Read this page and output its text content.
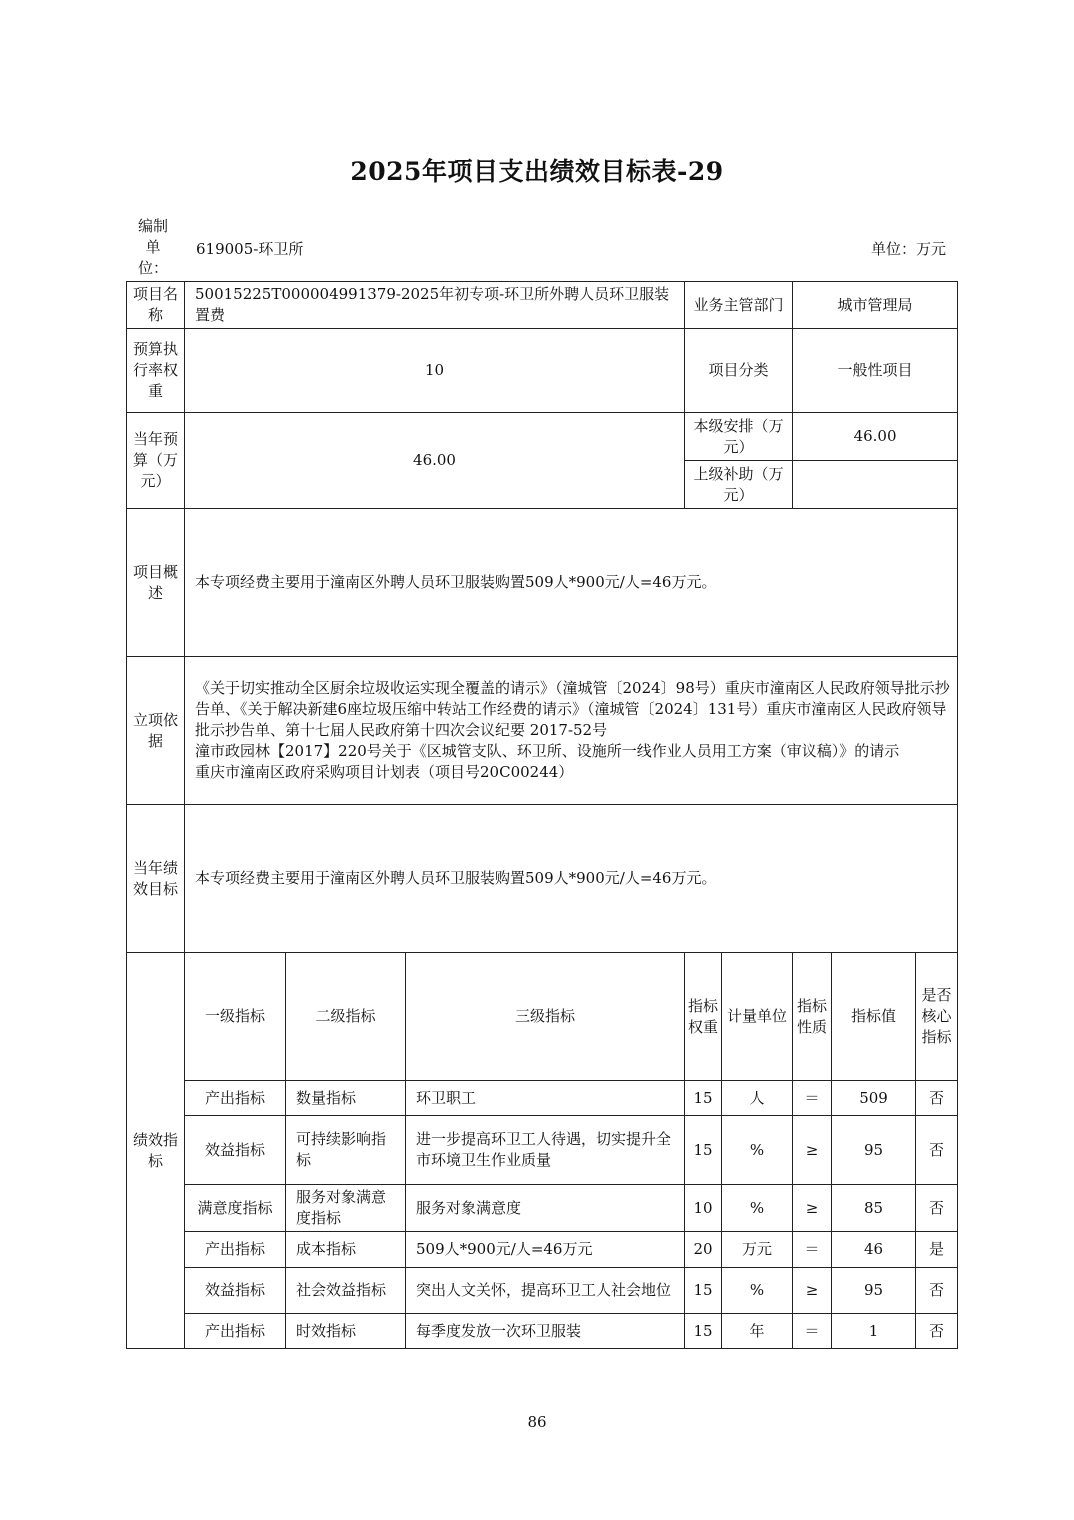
2025年项目支出绩效目标表-29
编制单位：
619005-环卫所	单位：万元
项目名称	50015225T000004991379-2025年初专项-环卫所外聘人员环卫服装置费			业务主管部门		城市管理局		
预算执行率权重	10			项目分类		一般性项目		
当年预算（万元）	46.00			本级安排（万元）		46.00		
				上级补助（万元）				
项目概述	本专项经费主要用于潼南区外聘人员环卫服装购置509人*900元/人=46万元。							
立项依据	《关于切实推动全区厨余垃圾收运实现全覆盖的请示》（潼城管〔2024〕98号）重庆市潼南区人民政府领导批示抄告单、《关于解决新建6座垃圾压缩中转站工作经费的请示》（潼城管〔2024〕131号）重庆市潼南区人民政府领导批示抄告单、第十七届人民政府第十四次会议纪要 2017-52号
潼市政园林【2017】220号关于《区城管支队、环卫所、设施所一线作业人员用工方案（审议稿）》的请示
重庆市潼南区政府采购项目计划表（项目号20C00244）							

当年绩效目标	本专项经费主要用于潼南区外聘人员环卫服装购置509人*900元/人=46万元。							
绩效指标	一级指标	二级指标	三级指标	指标权重	计量单位	指标性质	指标值	是否核心指标
	产出指标	数量指标	环卫职工	15	人	＝	509	否
	效益指标	可持续影响指标	进一步提高环卫工人待遇，切实提升全市环境卫生作业质量	15	%	≥	95	否
	满意度指标	服务对象满意度指标	服务对象满意度	10	%	≥	85	否
	产出指标	成本指标	509人*900元/人=46万元	20	万元	＝	46	是
	效益指标	社会效益指标	突出人文关怀，提高环卫工人社会地位	15	%	≥	95	否
	产出指标	时效指标	每季度发放一次环卫服装	15	年	＝	1	否
86
